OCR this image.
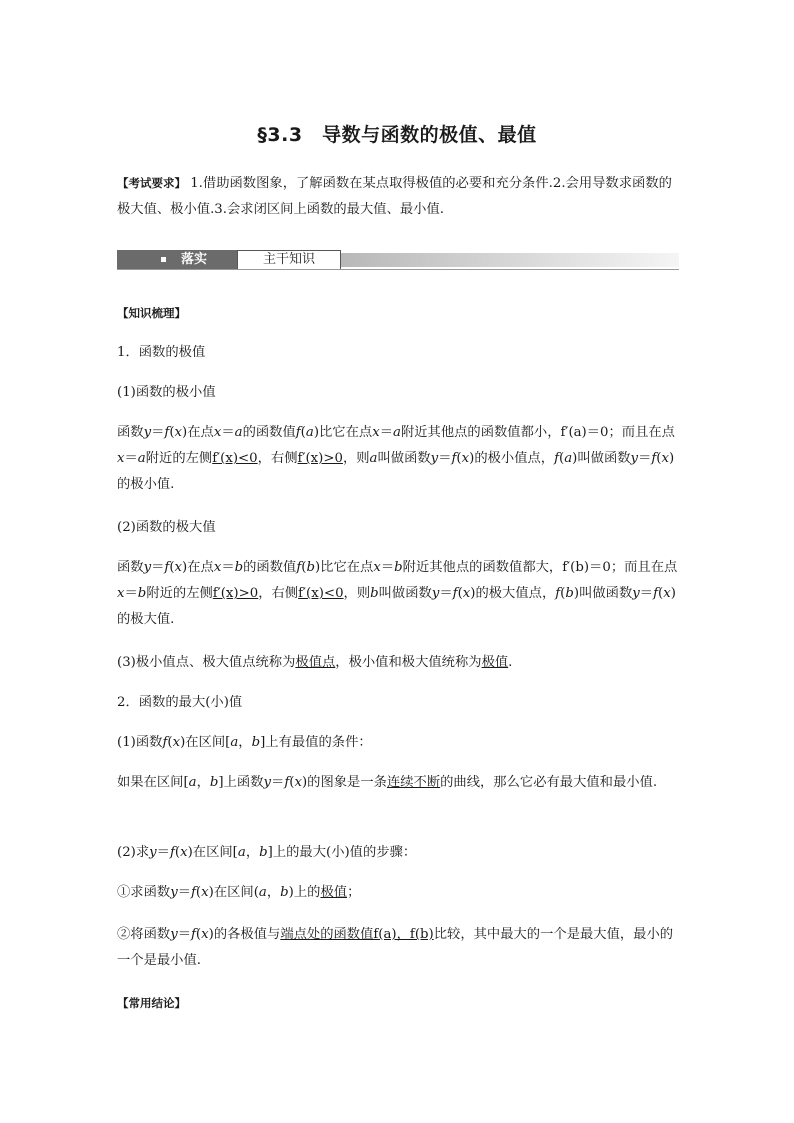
§3.3　导数与函数的极值、最值

【考试要求】 1.借助函数图象，了解函数在某点取得极值的必要和充分条件.2.会用导数求函数的极大值、极小值.3.会求闭区间上函数的最大值、最小值.

落实	主干知识

【知识梳理】

1．函数的极值

(1)函数的极小值

函数y＝f(x)在点x＝a的函数值f(a)比它在点x＝a附近其他点的函数值都小，f′(a)＝0；而且在点x＝a附近的左侧f′(x)<0，右侧f′(x)>0，则a叫做函数y＝f(x)的极小值点，f(a)叫做函数y＝f(x)的极小值.

(2)函数的极大值

函数y＝f(x)在点x＝b的函数值f(b)比它在点x＝b附近其他点的函数值都大，f′(b)＝0；而且在点x＝b附近的左侧f′(x)>0，右侧f′(x)<0，则b叫做函数y＝f(x)的极大值点，f(b)叫做函数y＝f(x)的极大值.

(3)极小值点、极大值点统称为极值点，极小值和极大值统称为极值.

2．函数的最大(小)值

(1)函数f(x)在区间[a，b]上有最值的条件：

如果在区间[a，b]上函数y＝f(x)的图象是一条连续不断的曲线，那么它必有最大值和最小值.

(2)求y＝f(x)在区间[a，b]上的最大(小)值的步骤：

①求函数y＝f(x)在区间(a，b)上的极值；

②将函数y＝f(x)的各极值与端点处的函数值f(a)，f(b)比较，其中最大的一个是最大值，最小的一个是最小值.

【常用结论】
